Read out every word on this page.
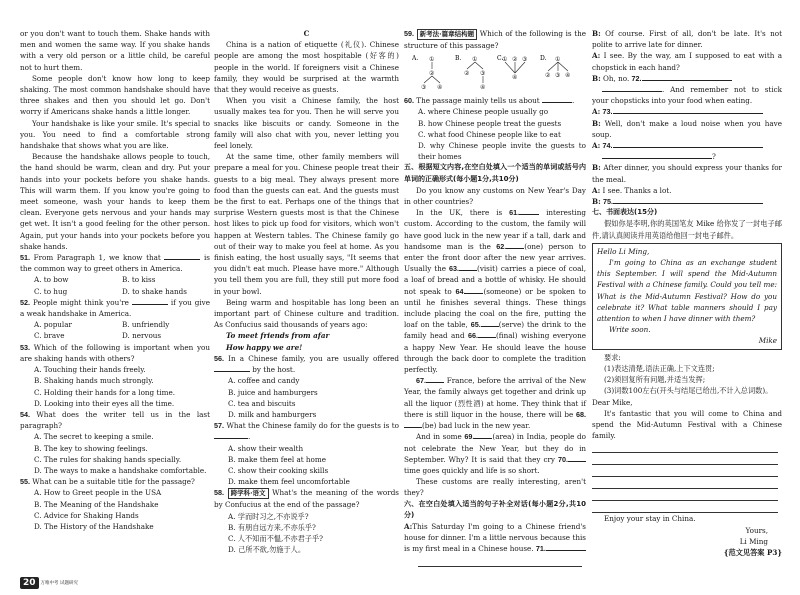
or you don't want to touch them. Shake hands with men and women the same way. If you shake hands with a very old person or a little child, be careful not to hurt them.

Some people don't know how long to keep shaking. The most common handshake should have three shakes and then you should let go. Don't worry if Americans shake hands a little longer.

Your handshake is like your smile. It's special to you. You need to find a comfortable strong handshake that shows what you are like.

Because the handshake allows people to touch, the hand should be warm, clean and dry. Put your hands into your pockets before you shake hands. This will warm them. If you know you're going to meet someone, wash your hands to keep them clean. Everyone gets nervous and your hands may get wet. It isn't a good feeling for the other person. Again, put your hands into your pockets before you shake hands.

51. From Paragraph 1, we know that	is the common way to greet others in America.

A. to bow	B. to kiss
C. to hug	D. to shake hands

52. People might think you're	if you give a weak handshake in America.

A. popular	B. unfriendly
C. brave	D. nervous

53. Which of the following is important when you are shaking hands with others?

A. Touching their hands freely.

B. Shaking hands much strongly.

C. Holding their hands for a long time.

D. Looking into their eyes all the time.

54. What does the writer tell us in the last paragraph?

A. The secret to keeping a smile.

B. The key to showing feelings.

C. The rules for shaking hands specially.

D. The ways to make a handshake comfortable.

55. What can be a suitable title for the passage?

A. How to Greet people in the USA

B. The Meaning of the Handshake

C. Advice for Shaking Hands

D. The History of the Handshake

C

China is a nation of etiquette (礼仪). Chinese people are among the most hospitable (好客的) people in the world. If foreigners visit a Chinese family, they would be surprised at the warmth that they would receive as guests.

When you visit a Chinese family, the host usually makes tea for you. Then he will serve you snacks like biscuits or candy. Someone in the family will also chat with you, never letting you feel lonely.

At the same time, other family members will prepare a meal for you. Chinese people treat their guests to a big meal. They always present more food than the guests can eat. And the guests must be the first to eat. Perhaps one of the things that surprise Western guests most is that the Chinese host likes to pick up food for visitors, which won't happen at Western tables. The Chinese family go out of their way to make you feel at home. As you finish eating, the host usually says, "It seems that you didn't eat much. Please have more." Although you tell them you are full, they still put more food in your bowl.

Being warm and hospitable has long been an important part of Chinese culture and tradition. As Confucius said thousands of years ago:

To meet friends from afar

How happy we are!

56. In a Chinese family, you are usually offered  by the host.

A. coffee and candy

B. juice and hamburgers

C. tea and biscuits

D. milk and hamburgers

57. What the Chinese family do for the guests is to .

A. show their wealth

B. make them feel at home

C. show their cooking skills

D. make them feel uncomfortable

58. 跨学科·语文 What's the meaning of the words by Confucius at the end of the passage?

A. 学而时习之,不亦说乎?

B. 有朋自远方来,不亦乐乎?

C. 人不知而不愠,不亦君子乎?

D. 己所不欲,勿施于人。

59. 新考法·篇章结构题 Which of the following is the structure of this passage?

A. ①
②
③ ④
B. ①
② ③
④
C.
① ② ③
④
D. ①
② ③ ④

60. The passage mainly tells us about	.

A. where Chinese people usually go

B. how Chinese people treat the guests

C. what food Chinese people like to eat

D. why Chinese people invite the guests to their homes

五、根据短文内容,在空白处填入一个适当的单词或括号内单词的正确形式(每小题1分,共10分)

Do you know any customs on New Year's Day in other countries?

In the UK, there is 61.	interesting custom. According to the custom, the family will have good luck in the new year if a tall, dark and handsome man is the 62.	(one) person to enter the front door after the new year arrives. Usually the 63.	(visit) carries a piece of coal, a loaf of bread and a bottle of whisky. He should not speak to 64.	(someone) or be spoken to until he finishes several things. These things include placing the coal on the fire, putting the loaf on the table, 65.	(serve) the drink to the family head and 66.	(final) wishing everyone a happy New Year. He should leave the house through the back door to complete the tradition perfectly.

67.	France, before the arrival of the New Year, the family always get together and drink up all the liquor (烈性酒) at home. They think that if there is still liquor in the house, there will be 68.(be) bad luck in the new year.

And in some 69.	(area) in India, people do not celebrate the New Year, but they do in September. Why? It is said that they cry 70. time goes quickly and life is so short.

These customs are really interesting, aren't they?

六、在空白处填入适当的句子补全对话(每小题2分,共10分)

A:This Saturday I'm going to a Chinese friend's house for dinner. I'm a little nervous because this is my first meal in a Chinese house. 71.

B: Of course. First of all, don't be late. It's not polite to arrive late for dinner.

A: I see. By the way, am I supposed to eat with a chopstick in each hand?

B: Oh, no. 72.

. And remember not to stick your chopsticks into your food when eating.

A: 73.

B: Well, don't make a loud noise when you have soup.

A: 74.

?

B: After dinner, you should express your thanks for the meal.

A: I see. Thanks a lot.

B: 75.

七、书面表达(15分)

假如你是李明,你的英国笔友 Mike 给你发了一封电子邮件,请认真阅读并用英语给他回一封电子邮件。

Hello Li Ming,

I'm going to China as an exchange student this September. I will spend the Mid-Autumn Festival with a Chinese family. Could you tell me: What is the Mid-Autumn Festival? How do you celebrate it? What table manners should I pay attention to when I have dinner with them?

Write soon.

Mike

要求:

(1)表达清楚,语法正确,上下文连贯;

(2)须回复所有问题,并适当发挥;

(3)词数100左右(开头与结尾已给出,不计入总词数)。

Dear Mike,

It's fantastic that you will come to China and spend the Mid-Autumn Festival with a Chinese family.

Enjoy your stay in China.

Yours,

Li Ming

{范文见答案 P3}

20	万唯中考 试题研究
